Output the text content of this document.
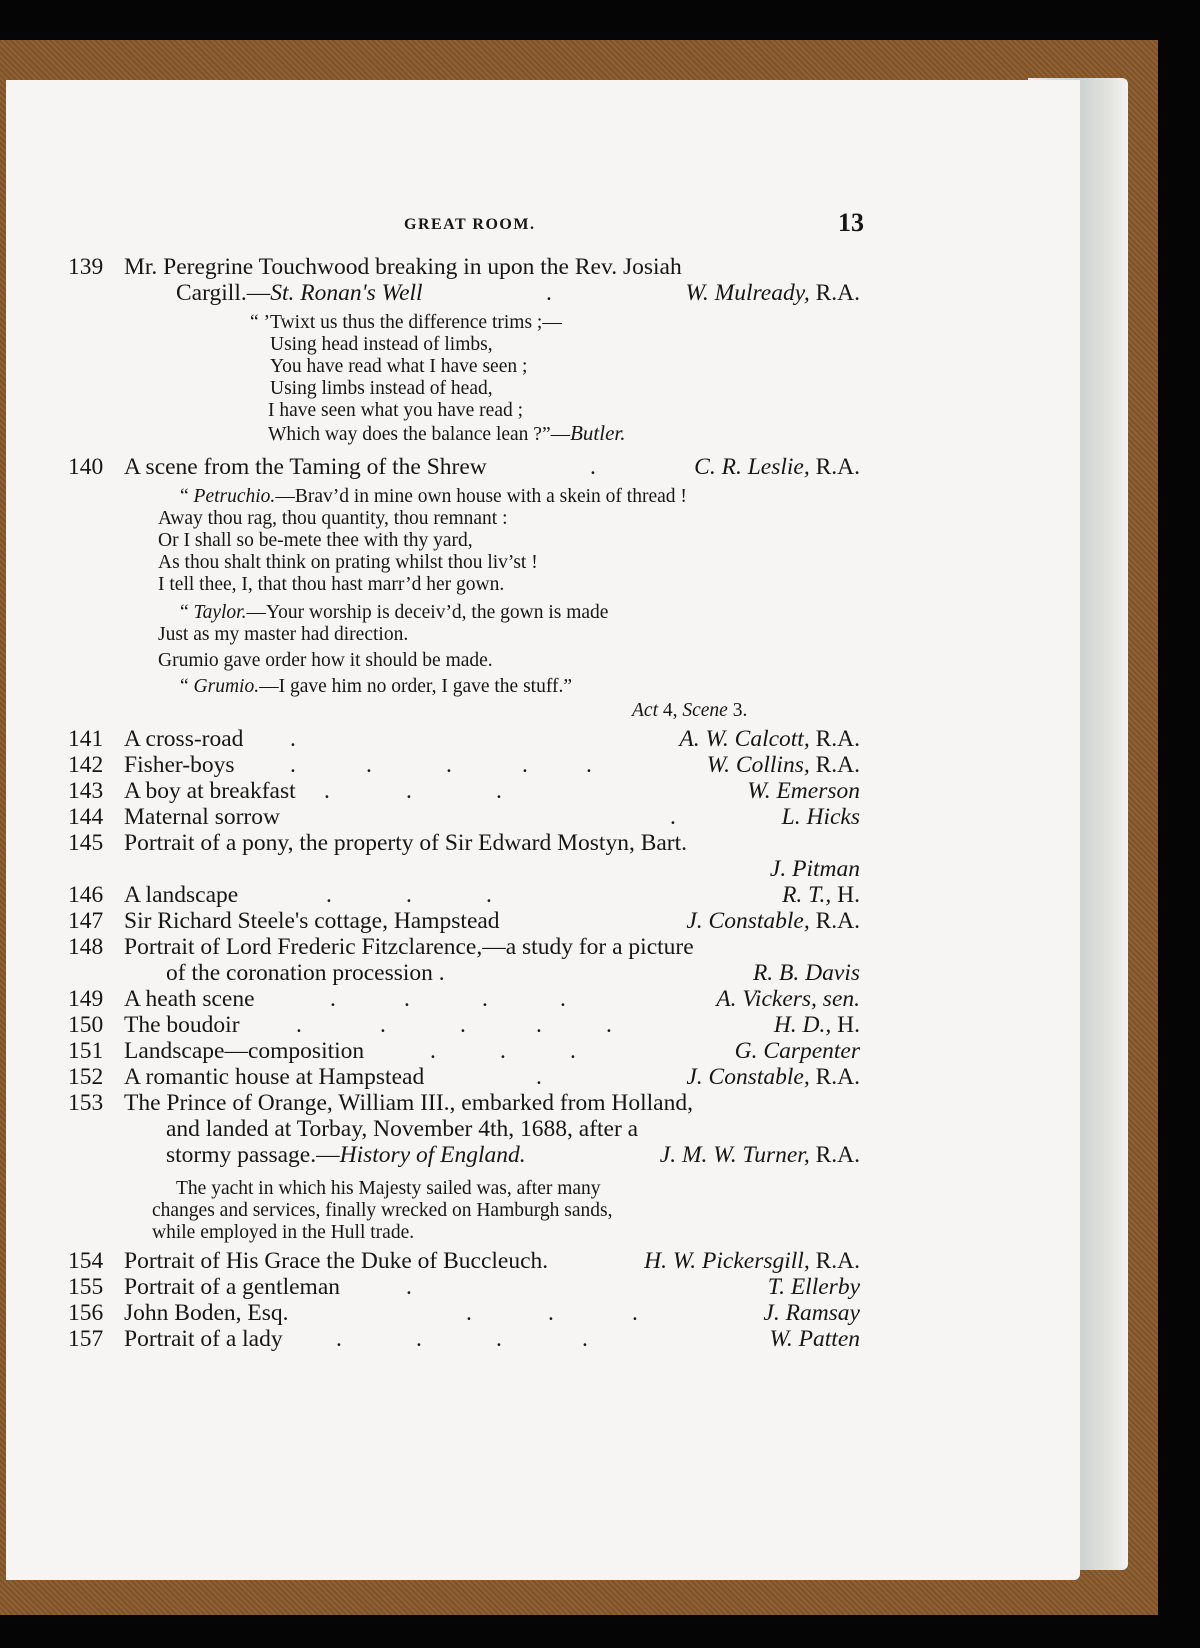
GREAT ROOM.	13
139 Mr. Peregrine Touchwood breaking in upon the Rev. Josiah
Cargill.—St. Ronan's Well	.	W. Mulready, R.A.
“ ’Twixt us thus the difference trims ;—
Using head instead of limbs,
You have read what I have seen ;
Using limbs instead of head,
I have seen what you have read ;
Which way does the balance lean ?”—Butler.
140 A scene from the Taming of the Shrew	.	C. R. Leslie, R.A.
“ Petruchio.—Brav’d in mine own house with a skein of thread !
Away thou rag, thou quantity, thou remnant :
Or I shall so be-mete thee with thy yard,
As thou shalt think on prating whilst thou liv’st !
I tell thee, I, that thou hast marr’d her gown.
“ Taylor.—Your worship is deceiv’d, the gown is made
Just as my master had direction.
Grumio gave order how it should be made.
“ Grumio.—I gave him no order, I gave the stuff.”
Act 4, Scene 3.
141 A cross-road .	A. W. Calcott, R.A.
142 Fisher-boys .	.	.	. .	W. Collins, R.A.
143 A boy at breakfast .	.	.	W. Emerson
144 Maternal sorrow	.	L. Hicks
145 Portrait of a pony, the property of Sir Edward Mostyn, Bart.
J. Pitman
146 A landscape	.	.	.	R. T., H.
147 Sir Richard Steele's cottage, Hampstead	J. Constable, R.A.
148 Portrait of Lord Frederic Fitzclarence,—a study for a picture
of the coronation procession .	R. B. Davis
149 A heath scene	.	.	.	.	A. Vickers, sen.
150 The boudoir .	.	.	.	.	H. D., H.
151 Landscape—composition	.	.	.	G. Carpenter
152 A romantic house at Hampstead	.	J. Constable, R.A.
153 The Prince of Orange, William III., embarked from Holland,
and landed at Torbay, November 4th, 1688, after a
stormy passage.—History of England.	J. M. W. Turner, R.A.
The yacht in which his Majesty sailed was, after many
changes and services, finally wrecked on Hamburgh sands,
while employed in the Hull trade.
154 Portrait of His Grace the Duke of Buccleuch.	H. W. Pickersgill, R.A.
155 Portrait of a gentleman	.	T. Ellerby
156 John Boden, Esq.	.	.	.	J. Ramsay
157 Portrait of a lady .	.	.	.	W. Patten
